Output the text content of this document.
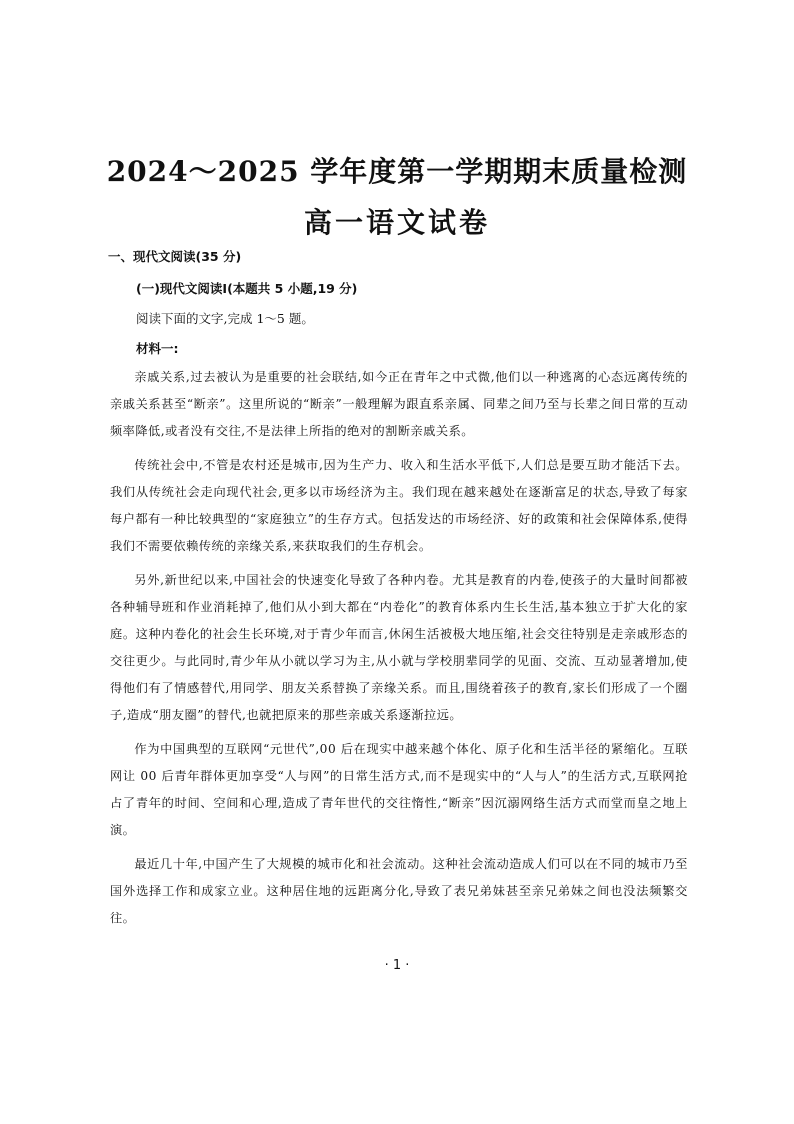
2024～2025 学年度第一学期期末质量检测
高一语文试卷
一、现代文阅读(35 分)
(一)现代文阅读Ⅰ(本题共 5 小题,19 分)
阅读下面的文字,完成 1～5 题。
材料一:

亲戚关系,过去被认为是重要的社会联结,如今正在青年之中式微,他们以一种逃离的心态远离传统的亲戚关系甚至“断亲”。这里所说的“断亲”一般理解为跟直系亲属、同辈之间乃至与长辈之间日常的互动频率降低,或者没有交往,不是法律上所指的绝对的割断亲戚关系。

传统社会中,不管是农村还是城市,因为生产力、收入和生活水平低下,人们总是要互助才能活下去。我们从传统社会走向现代社会,更多以市场经济为主。我们现在越来越处在逐渐富足的状态,导致了每家每户都有一种比较典型的“家庭独立”的生存方式。包括发达的市场经济、好的政策和社会保障体系,使得我们不需要依赖传统的亲缘关系,来获取我们的生存机会。

另外,新世纪以来,中国社会的快速变化导致了各种内卷。尤其是教育的内卷,使孩子的大量时间都被各种辅导班和作业消耗掉了,他们从小到大都在“内卷化”的教育体系内生长生活,基本独立于扩大化的家庭。这种内卷化的社会生长环境,对于青少年而言,休闲生活被极大地压缩,社会交往特别是走亲戚形态的交往更少。与此同时,青少年从小就以学习为主,从小就与学校朋辈同学的见面、交流、互动显著增加,使得他们有了情感替代,用同学、朋友关系替换了亲缘关系。而且,围绕着孩子的教育,家长们形成了一个圈子,造成“朋友圈”的替代,也就把原来的那些亲戚关系逐渐拉远。

作为中国典型的互联网“元世代”,00 后在现实中越来越个体化、原子化和生活半径的紧缩化。互联网让 00 后青年群体更加享受“人与网”的日常生活方式,而不是现实中的“人与人”的生活方式,互联网抢占了青年的时间、空间和心理,造成了青年世代的交往惰性,“断亲”因沉溺网络生活方式而堂而皇之地上演。

最近几十年,中国产生了大规模的城市化和社会流动。这种社会流动造成人们可以在不同的城市乃至国外选择工作和成家立业。这种居住地的远距离分化,导致了表兄弟妹甚至亲兄弟妹之间也没法频繁交往。

· 1 ·
